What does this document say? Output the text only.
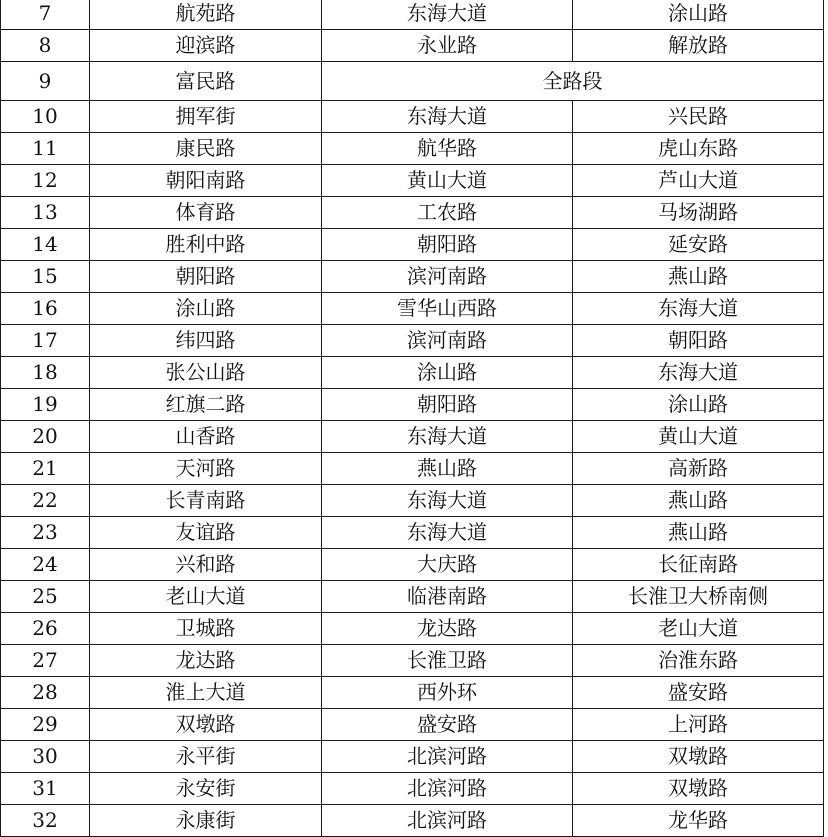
7	航苑路	东海大道	涂山路
8	迎滨路	永业路	解放路
9	富民路	全路段	
10	拥军街	东海大道	兴民路
11	康民路	航华路	虎山东路
12	朝阳南路	黄山大道	芦山大道
13	体育路	工农路	马场湖路
14	胜利中路	朝阳路	延安路
15	朝阳路	滨河南路	燕山路
16	涂山路	雪华山西路	东海大道
17	纬四路	滨河南路	朝阳路
18	张公山路	涂山路	东海大道
19	红旗二路	朝阳路	涂山路
20	山香路	东海大道	黄山大道
21	天河路	燕山路	高新路
22	长青南路	东海大道	燕山路
23	友谊路	东海大道	燕山路
24	兴和路	大庆路	长征南路
25	老山大道	临港南路	长淮卫大桥南侧
26	卫城路	龙达路	老山大道
27	龙达路	长淮卫路	治淮东路
28	淮上大道	西外环	盛安路
29	双墩路	盛安路	上河路
30	永平街	北滨河路	双墩路
31	永安街	北滨河路	双墩路
32	永康街	北滨河路	龙华路
